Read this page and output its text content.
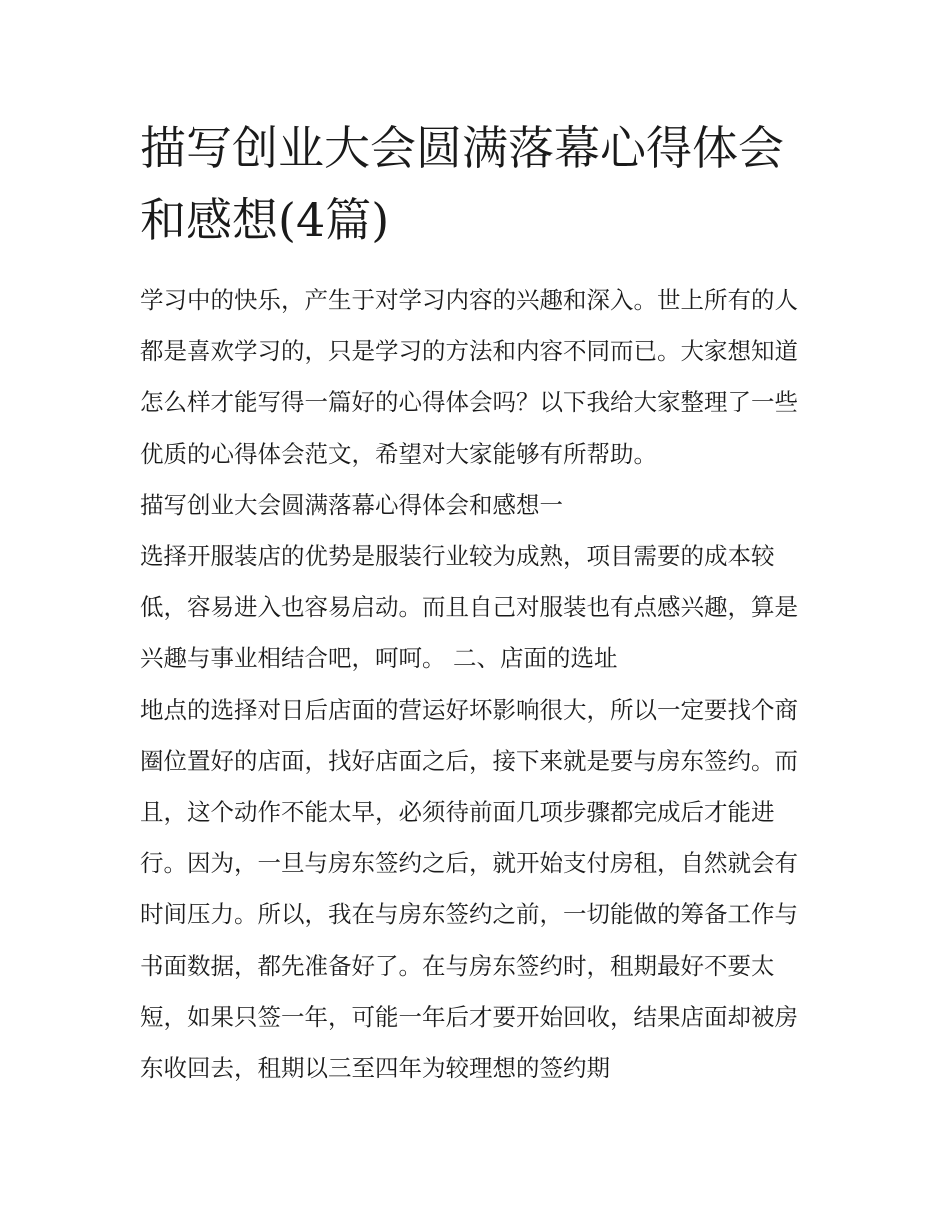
描写创业大会圆满落幕心得体会和感想(4篇)

学习中的快乐，产生于对学习内容的兴趣和深入。世上所有的人都是喜欢学习的，只是学习的方法和内容不同而已。大家想知道怎么样才能写得一篇好的心得体会吗？以下我给大家整理了一些优质的心得体会范文，希望对大家能够有所帮助。

描写创业大会圆满落幕心得体会和感想一

选择开服装店的优势是服装行业较为成熟，项目需要的成本较低，容易进入也容易启动。而且自己对服装也有点感兴趣，算是兴趣与事业相结合吧，呵呵。 二、店面的选址

地点的选择对日后店面的营运好坏影响很大，所以一定要找个商圈位置好的店面，找好店面之后，接下来就是要与房东签约。而且，这个动作不能太早，必须待前面几项步骤都完成后才能进行。因为，一旦与房东签约之后，就开始支付房租，自然就会有时间压力。所以，我在与房东签约之前，一切能做的筹备工作与书面数据，都先准备好了。在与房东签约时，租期最好不要太短，如果只签一年，可能一年后才要开始回收，结果店面却被房东收回去，租期以三至四年为较理想的签约期
